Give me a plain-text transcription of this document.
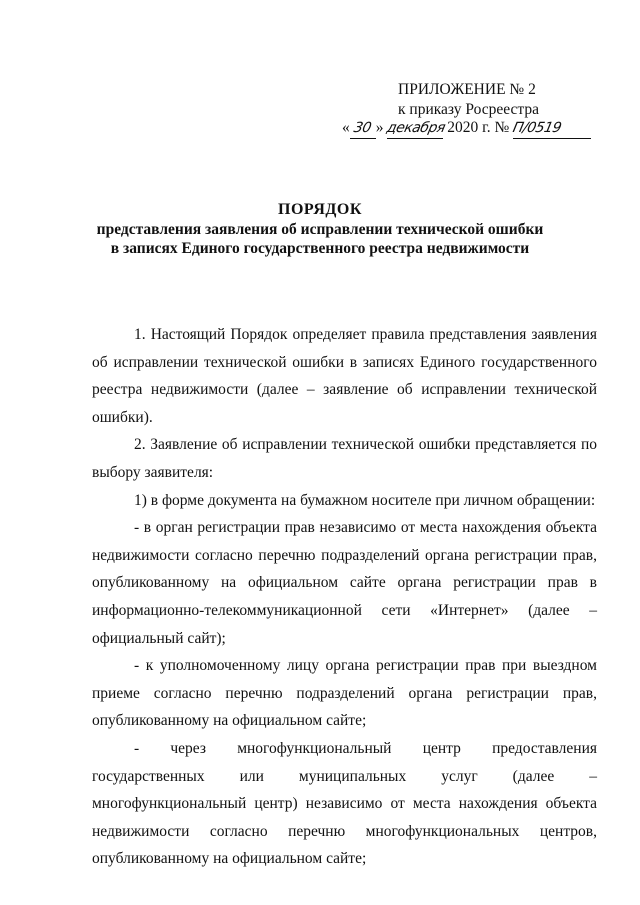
ПРИЛОЖЕНИЕ № 2
к приказу Росреестра
« 30 » декабря 2020 г. № П/0519
ПОРЯДОК
представления заявления об исправлении технической ошибки
в записях Единого государственного реестра недвижимости

1. Настоящий Порядок определяет правила представления заявления об исправлении технической ошибки в записях Единого государственного реестра недвижимости (далее – заявление об исправлении технической ошибки).

2. Заявление об исправлении технической ошибки представляется по выбору заявителя:

1) в форме документа на бумажном носителе при личном обращении:

- в орган регистрации прав независимо от места нахождения объекта недвижимости согласно перечню подразделений органа регистрации прав, опубликованному на официальном сайте органа регистрации прав в информационно-телекоммуникационной сети «Интернет» (далее – официальный сайт);

- к уполномоченному лицу органа регистрации прав при выездном приеме согласно перечню подразделений органа регистрации прав, опубликованному на официальном сайте;

- через многофункциональный центр предоставления государственных или муниципальных услуг (далее – многофункциональный центр) независимо от места нахождения объекта недвижимости согласно перечню многофункциональных центров, опубликованному на официальном сайте;
